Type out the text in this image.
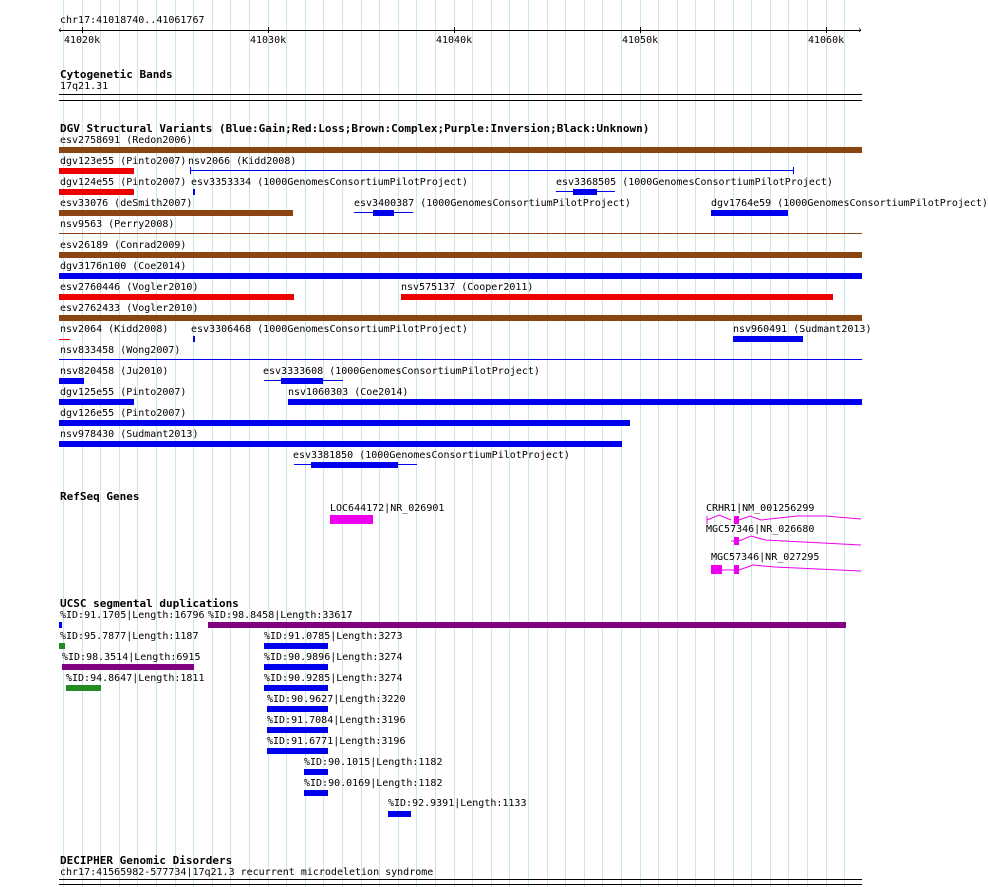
chr17:41018740..41061767
‹	›
41020k	41030k	41040k	41050k	41060k
Cytogenetic Bands
17q21.31
DGV Structural Variants (Blue:Gain;Red:Loss;Brown:Complex;Purple:Inversion;Black:Unknown)
esv2758691 (Redon2006)
dgv123e55 (Pinto2007) nsv2066 (Kidd2008)
dgv124e55 (Pinto2007) esv3353334 (1000GenomesConsortiumPilotProject)	esv3368505 (1000GenomesConsortiumPilotProject)
esv33076 (deSmith2007)	esv3400387 (1000GenomesConsortiumPilotProject)	dgv1764e59 (1000GenomesConsortiumPilotProject)
nsv9563 (Perry2008)
esv26189 (Conrad2009)
dgv3176n100 (Coe2014)
esv2760446 (Vogler2010)	nsv575137 (Cooper2011)
esv2762433 (Vogler2010)
nsv2064 (Kidd2008) esv3306468 (1000GenomesConsortiumPilotProject)	nsv960491 (Sudmant2013)
nsv833458 (Wong2007)
nsv820458 (Ju2010)	esv3333608 (1000GenomesConsortiumPilotProject)
dgv125e55 (Pinto2007)	nsv1060303 (Coe2014)
dgv126e55 (Pinto2007)
nsv978430 (Sudmant2013)
esv3381850 (1000GenomesConsortiumPilotProject)
RefSeq Genes
LOC644172|NR_026901	CRHR1|NM_001256299
MGC57346|NR_026680
MGC57346|NR_027295
UCSC segmental duplications
%ID:91.1705|Length:16796 %ID:98.8458|Length:33617
%ID:95.7877|Length:1187	%ID:91.0785|Length:3273
%ID:98.3514|Length:6915	%ID:90.9896|Length:3274
%ID:94.8647|Length:1811	%ID:90.9285|Length:3274
%ID:90.9627|Length:3220
%ID:91.7084|Length:3196
%ID:91.6771|Length:3196
%ID:90.1015|Length:1182
%ID:90.0169|Length:1182
%ID:92.9391|Length:1133
DECIPHER Genomic Disorders
chr17:41565982-577734|17q21.3 recurrent microdeletion syndrome
